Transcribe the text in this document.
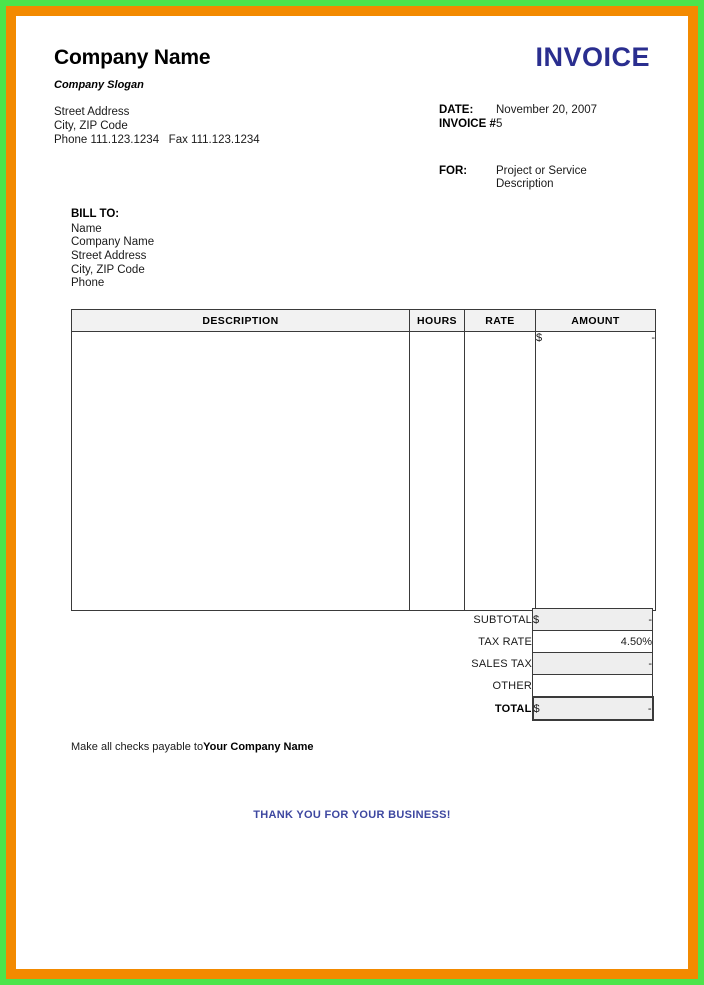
Company Name
Company Slogan
Street Address
City, ZIP Code
Phone 111.123.1234   Fax 111.123.1234
INVOICE
DATE:	November 20, 2007
INVOICE # 5
FOR:	Project or Service
Description
BILL TO:
Name
Company Name
Street Address
City, ZIP Code
Phone
DESCRIPTION	HOURS	RATE	AMOUNT

			$ -
SUBTOTAL	$ -

TAX RATE	4.50%

SALES TAX	-

OTHER	

TOTAL	$ -
Make all checks payable toYour Company Name
THANK YOU FOR YOUR BUSINESS!
